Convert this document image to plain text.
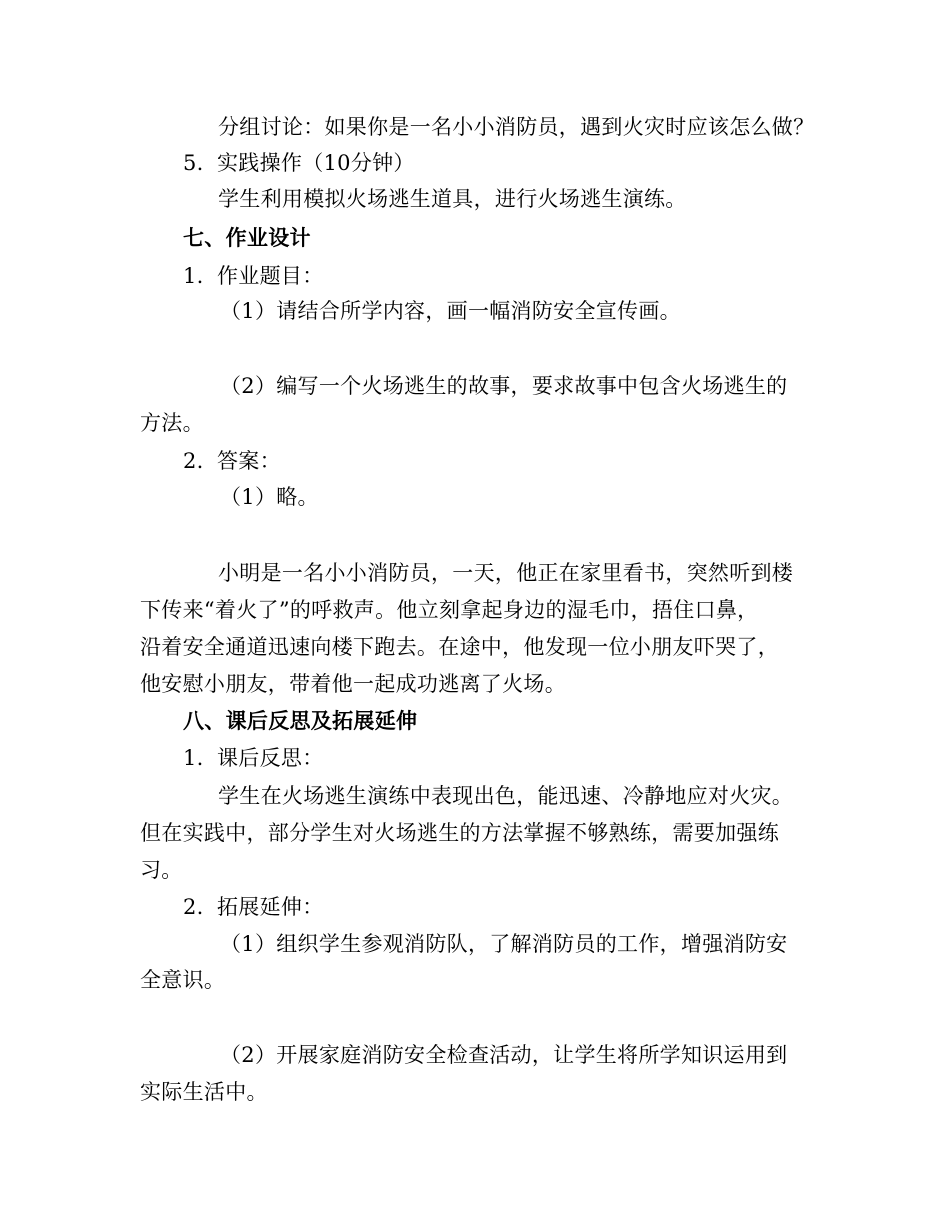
分组讨论：如果你是一名小小消防员，遇到火灾时应该怎么做？
5. 实践操作（10分钟）
学生利用模拟火场逃生道具，进行火场逃生演练。
七、作业设计
1. 作业题目：
（1）请结合所学内容，画一幅消防安全宣传画。
（2）编写一个火场逃生的故事，要求故事中包含火场逃生的
方法。
2. 答案：
（1）略。
小明是一名小小消防员，一天，他正在家里看书，突然听到楼
下传来“着火了”的呼救声。他立刻拿起身边的湿毛巾，捂住口鼻，
沿着安全通道迅速向楼下跑去。在途中，他发现一位小朋友吓哭了，
他安慰小朋友，带着他一起成功逃离了火场。
八、课后反思及拓展延伸
1. 课后反思：
学生在火场逃生演练中表现出色，能迅速、冷静地应对火灾。
但在实践中，部分学生对火场逃生的方法掌握不够熟练，需要加强练
习。
2. 拓展延伸：
（1）组织学生参观消防队，了解消防员的工作，增强消防安
全意识。
（2）开展家庭消防安全检查活动，让学生将所学知识运用到
实际生活中。
